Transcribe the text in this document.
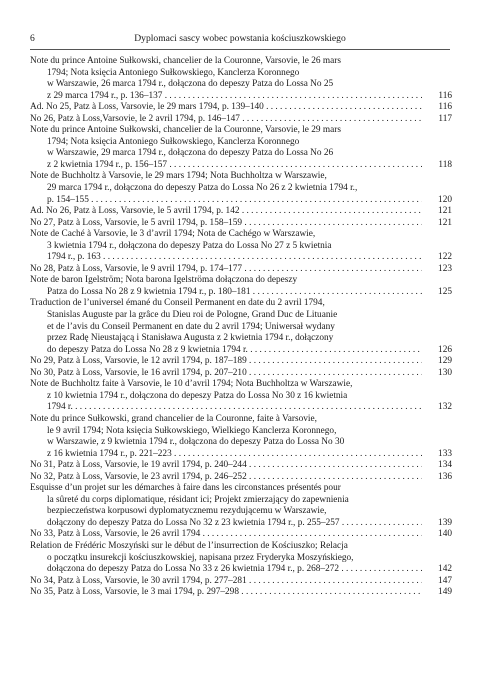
6	Dyplomaci sascy wobec powstania kościuszkowskiego
Note du prince Antoine Sułkowski, chancelier de la Couronne, Varsovie, le 26 mars
1794; Nota księcia Antoniego Sułkowskiego, Kanclerza Koronnego
w Warszawie, 26 marca 1794 r., dołączona do depeszy Patza do Lossa No 25
z 29 marca 1794 r., p. 136–137 . . .	116
Ad. No 25, Patz à Loss, Varsovie, le 29 mars 1794, p. 139–140 . . .	116
No 26, Patz à Loss,Varsovie, le 2 avril 1794, p. 146–147 . . .	117
Note du prince Antoine Sułkowski, chancelier de la Couronne, Varsovie, le 29 mars
1794; Nota księcia Antoniego Sułkowskiego, Kanclerza Koronnego
w Warszawie, 29 marca 1794 r., dołączona do depeszy Patza do Lossa No 26
z 2 kwietnia 1794 r., p. 156–157 . . .	118
Note de Buchholtz à Varsovie, le 29 mars 1794; Nota Buchholtza w Warszawie,
29 marca 1794 r., dołączona do depeszy Patza do Lossa No 26 z 2 kwietnia 1794 r.,
p. 154–155 . . .	120
Ad. No 26, Patz à Loss, Varsovie, le 5 avril 1794, p. 142 . . .	121
No 27, Patz à Loss, Varsovie, le 5 avril 1794, p. 158–159 . . .	121
Note de Caché à Varsovie, le 3 d’avril 1794; Nota de Cachégo w Warszawie,
3 kwietnia 1794 r., dołączona do depeszy Patza do Lossa No 27 z 5 kwietnia
1794 r., p. 163 . . .	122
No 28, Patz à Loss, Varsovie, le 9 avril 1794, p. 174–177 . . .	123
Note de baron Igelström; Nota barona Igelströma dołączona do depeszy
Patza do Lossa No 28 z 9 kwietnia 1794 r., p. 180–181 . . .	125
Traduction de l’universel émané du Conseil Permanent en date du 2 avril 1794,
Stanislas Auguste par la grâce du Dieu roi de Pologne, Grand Duc de Lituanie
et de l’avis du Conseil Permanent en date du 2 avril 1794; Uniwersał wydany
przez Radę Nieustającą i Stanisława Augusta z 2 kwietnia 1794 r., dołączony
do depeszy Patza do Lossa No 28 z 9 kwietnia 1794 r. . . .	126
No 29, Patz à Loss, Varsovie, le 12 avril 1794, p. 187–189 . . .	129
No 30, Patz à Loss, Varsovie, le 16 avril 1794, p. 207–210 . . .	130
Note de Buchholtz faite à Varsovie, le 10 d’avril 1794; Nota Buchholtza w Warszawie,
z 10 kwietnia 1794 r., dołączona do depeszy Patza do Lossa No 30 z 16 kwietnia
1794 r. . . .	132
Note du prince Sułkowski, grand chancelier de la Couronne, faite à Varsovie,
le 9 avril 1794; Nota księcia Sułkowskiego, Wielkiego Kanclerza Koronnego,
w Warszawie, z 9 kwietnia 1794 r., dołączona do depeszy Patza do Lossa No 30
z 16 kwietnia 1794 r., p. 221–223 . . .	133
No 31, Patz à Loss, Varsovie, le 19 avril 1794, p. 240–244 . . .	134
No 32, Patz à Loss, Varsovie, le 23 avril 1794, p. 246–252 . . .	136
Esquisse d’un projet sur les démarches à faire dans les circonstances présentés pour
la sûreté du corps diplomatique, résidant ici; Projekt zmierzający do zapewnienia
bezpieczeństwa korpusowi dyplomatycznemu rezydującemu w Warszawie,
dołączony do depeszy Patza do Lossa No 32 z 23 kwietnia 1794 r., p. 255–257 . . .	139
No 33, Patz à Loss, Varsovie, le 26 avril 1794 . . .	140
Relation de Frédéric Moszyński sur le début de l’insurrection de Kościuszko; Relacja
o początku insurekcji kościuszkowskiej, napisana przez Fryderyka Moszyńskiego,
dołączona do depeszy Patza do Lossa No 33 z 26 kwietnia 1794 r., p. 268–272 . . .	142
No 34, Patz à Loss, Varsovie, le 30 avril 1794, p. 277–281 . . .	147
No 35, Patz à Loss, Varsovie, le 3 mai 1794, p. 297–298 . . .	149
